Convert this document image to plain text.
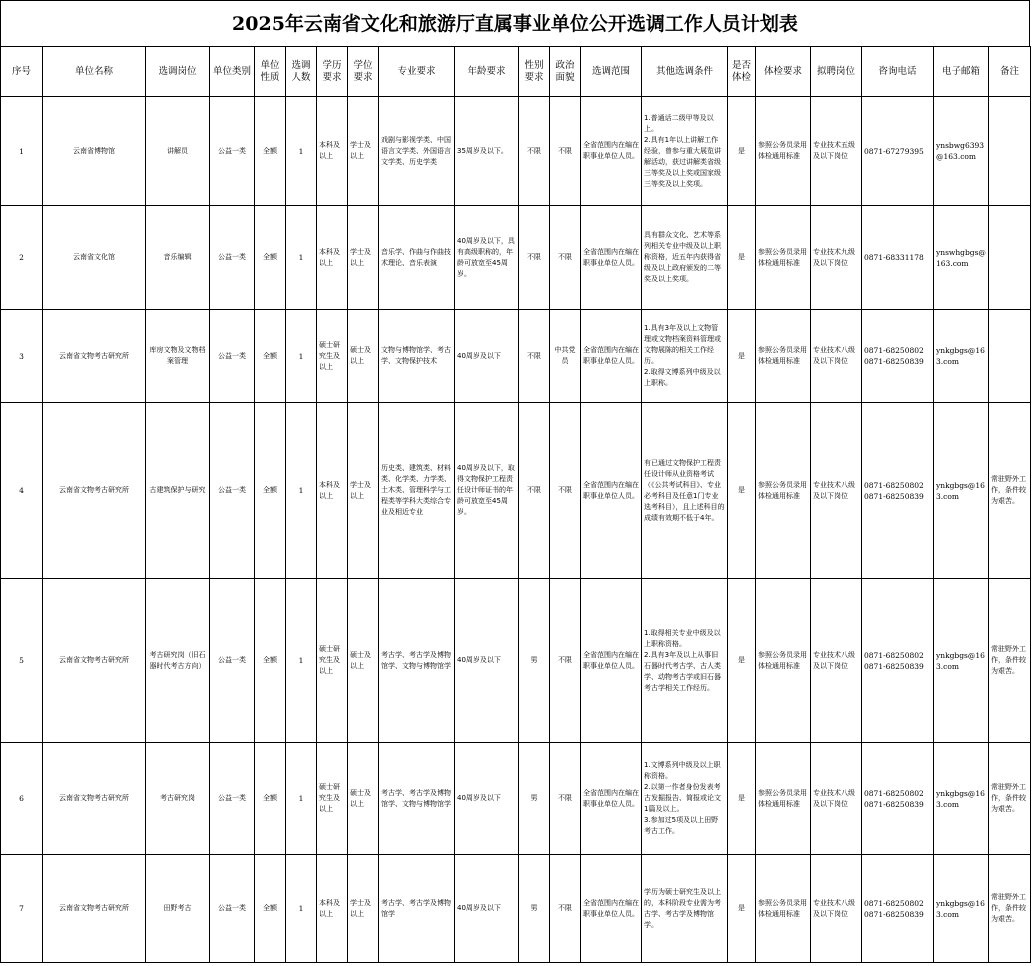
2025年云南省文化和旅游厅直属事业单位公开选调工作人员计划表
序号	单位名称	选调岗位	单位类别	单位性质	选调人数	学历要求	学位要求	专业要求	年龄要求	性别要求	政治面貌	选调范围	其他选调条件	是否体检	体检要求	拟聘岗位	咨询电话	电子邮箱	备注
1	云南省博物馆	讲解员	公益一类	全额	1	本科及以上	学士及以上	戏剧与影视学类、中国语言文学类、外国语言文学类、历史学类	35周岁及以下。	不限	不限	全省范围内在编在职事业单位人员。	1.普通话二级甲等及以上。
2.具有1年以上讲解工作经验，曾参与重大展览讲解活动，获过讲解类省级三等奖及以上奖或国家级三等奖及以上奖项。	是	参照公务员录用体检通用标准	专业技术五级及以下岗位	0871-67279395	ynsbwg6393@163.com	
2	云南省文化馆	音乐编辑	公益一类	全额	1	本科及以上	学士及以上	音乐学、作曲与作曲技术理论、音乐表演	40周岁及以下，具有高级职称的，年龄可放宽至45周岁。	不限	不限	全省范围内在编在职事业单位人员。	具有群众文化、艺术等系列相关专业中级及以上职称资格，近五年内获得省级及以上政府颁发的二等奖及以上奖项。	是	参照公务员录用体检通用标准	专业技术九级及以下岗位	0871-68331178	ynswhgbgs@163.com	
3	云南省文物考古研究所	库房文物及文物档案管理	公益一类	全额	1	硕士研究生及以上	硕士及以上	文物与博物馆学、考古学、文物保护技术	40周岁及以下	不限	中共党员	全省范围内在编在职事业单位人员。	1.具有3年及以上文物管理或文物档案资料管理或文物展陈的相关工作经历。
2.取得文博系列中级及以上职称。	是	参照公务员录用体检通用标准	专业技术八级及以下岗位	0871-68250802
0871-68250839	ynkgbgs@163.com	
4	云南省文物考古研究所	古建筑保护与研究	公益一类	全额	1	本科及以上	学士及以上	历史类、建筑类、材料类、化学类、力学类、土木类、管理科学与工程类等学科大类综合专业及相近专业	40周岁及以下，取得文物保护工程责任设计师证书的年龄可放宽至45周岁。	不限	不限	全省范围内在编在职事业单位人员。	有已通过文物保护工程责任设计师从业资格考试（《公共考试科目》、专业必考科目及任意1门专业选考科目），且上述科目的成绩有效期不低于4年。	是	参照公务员录用体检通用标准	专业技术八级及以下岗位	0871-68250802
0871-68250839	ynkgbgs@163.com	常驻野外工作，条件较为艰苦。
5	云南省文物考古研究所	考古研究岗（旧石器时代考古方向）	公益一类	全额	1	硕士研究生及以上	硕士及以上	考古学、考古学及博物馆学、文物与博物馆学	40周岁及以下	男	不限	全省范围内在编在职事业单位人员。	1.取得相关专业中级及以上职称资格。
2.具有3年及以上从事旧石器时代考古学、古人类学、动物考古学或旧石器考古学相关工作经历。	是	参照公务员录用体检通用标准	专业技术八级及以下岗位	0871-68250802
0871-68250839	ynkgbgs@163.com	常驻野外工作，条件较为艰苦。
6	云南省文物考古研究所	考古研究岗	公益一类	全额	1	硕士研究生及以上	硕士及以上	考古学、考古学及博物馆学、文物与博物馆学	40周岁及以下	男	不限	全省范围内在编在职事业单位人员。	1.文博系列中级及以上职称资格。
2.以第一作者身份发表考古发掘报告、简报或论文1篇及以上。
3.参加过5项及以上田野考古工作。	是	参照公务员录用体检通用标准	专业技术八级及以下岗位	0871-68250802
0871-68250839	ynkgbgs@163.com	常驻野外工作，条件较为艰苦。
7	云南省文物考古研究所	田野考古	公益一类	全额	1	本科及以上	学士及以上	考古学、考古学及博物馆学	40周岁及以下	男	不限	全省范围内在编在职事业单位人员。	学历为硕士研究生及以上的，本科阶段专业需为考古学、考古学及博物馆学。	是	参照公务员录用体检通用标准	专业技术八级及以下岗位	0871-68250802
0871-68250839	ynkgbgs@163.com	常驻野外工作，条件较为艰苦。
